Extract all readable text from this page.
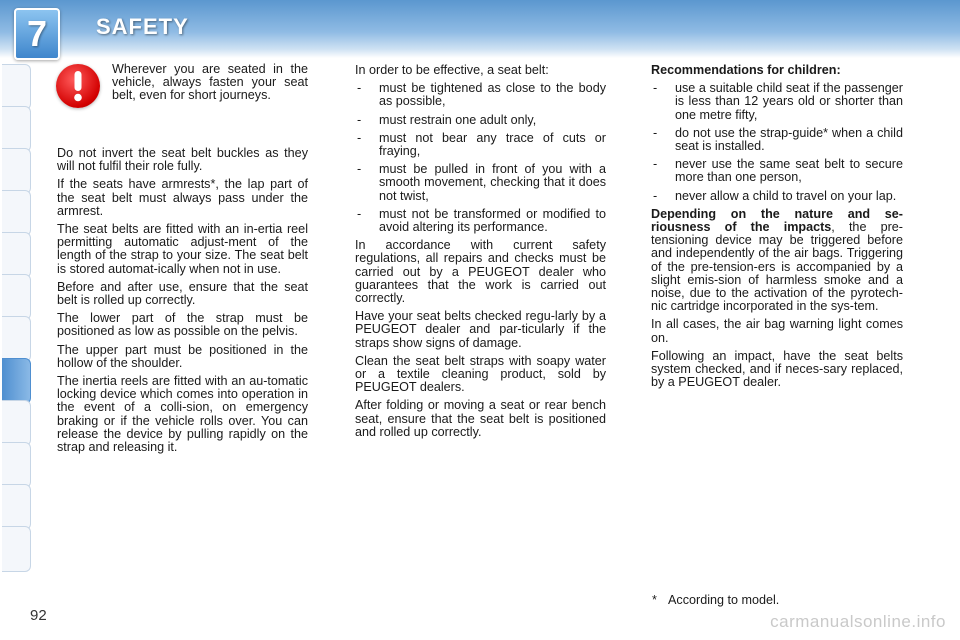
7 SAFETY
Wherever you are seated in the vehicle, always fasten your seat belt, even for short journeys.

Do not invert the seat belt buckles as they will not fulfil their role fully.

If the seats have armrests*, the lap part of the seat belt must always pass under the armrest.

The seat belts are fitted with an in-ertia reel permitting automatic adjust-ment of the length of the strap to your size. The seat belt is stored automat-ically when not in use.

Before and after use, ensure that the seat belt is rolled up correctly.

The lower part of the strap must be positioned as low as possible on the pelvis.

The upper part must be positioned in the hollow of the shoulder.

The inertia reels are fitted with an au-tomatic locking device which comes into operation in the event of a colli-sion, on emergency braking or if the vehicle rolls over. You can release the device by pulling rapidly on the strap and releasing it.

In order to be effective, a seat belt:

- must be tightened as close to the body as possible,
- must restrain one adult only,
- must not bear any trace of cuts or fraying,
- must be pulled in front of you with a smooth movement, checking that it does not twist,
- must not be transformed or modified to avoid altering its performance.

In accordance with current safety regulations, all repairs and checks must be carried out by a PEUGEOT dealer who guarantees that the work is carried out correctly.

Have your seat belts checked regu-larly by a PEUGEOT dealer and par-ticularly if the straps show signs of damage.

Clean the seat belt straps with soapy water or a textile cleaning product, sold by PEUGEOT dealers.

After folding or moving a seat or rear bench seat, ensure that the seat belt is positioned and rolled up correctly.

Recommendations for children:

- use a suitable child seat if the passenger is less than 12 years old or shorter than one metre fifty,
- do not use the strap-guide* when a child seat is installed.
- never use the same seat belt to secure more than one person,
- never allow a child to travel on your lap.

Depending on the nature and se-riousness of the impacts, the pre-tensioning device may be triggered before and independently of the air bags. Triggering of the pre-tension-ers is accompanied by a slight emis-sion of harmless smoke and a noise, due to the activation of the pyrotech-nic cartridge incorporated in the sys-tem.

In all cases, the air bag warning light comes on.

Following an impact, have the seat belts system checked, and if neces-sary replaced, by a PEUGEOT dealer.

* According to model.
92	carmanualsonline.info
